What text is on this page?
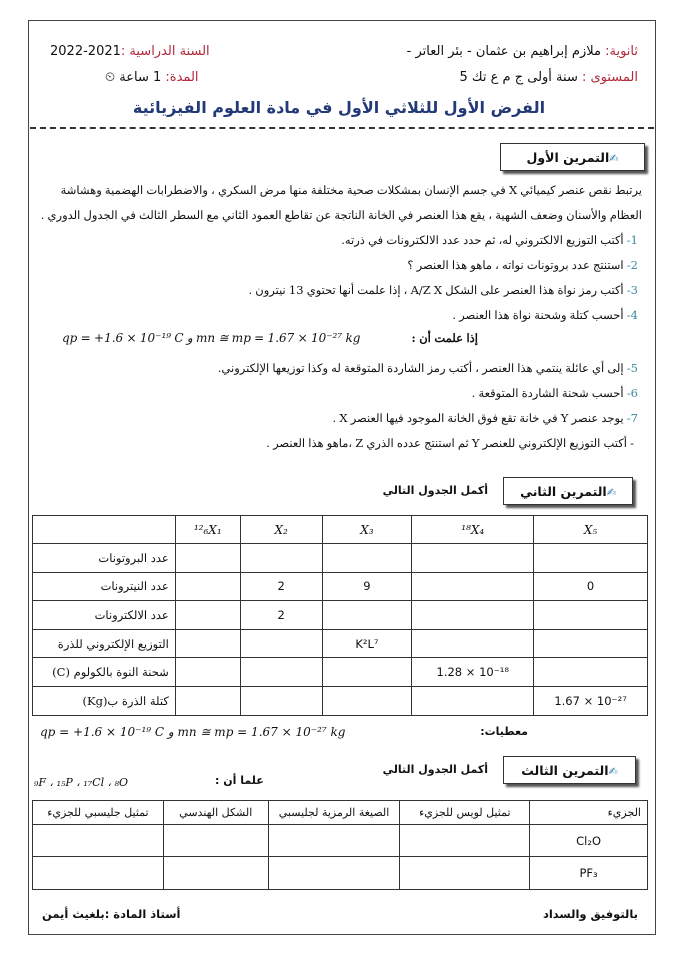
ثانوية: ملازم إبراهيم بن عثمان - بئر العاتر -
السنة الدراسية :2021-2022
المستوى : سنة أولى ج م ع تك 5
المدة: 1 ساعة ⏲
الفرض الأول للثلاثي الأول في مادة العلوم الفيزيائية
✍التمرين الأول
يرتبط نقص عنصر كيميائي X في جسم الإنسان بمشكلات صحية مختلفة منها مرض السكري ، والاضطرابات الهضمية وهشاشة
العظام والأسنان وضعف الشهية ، يقع هذا العنصر في الخانة الناتجة عن تقاطع العمود الثاني مع السطر الثالث في الجدول الدوري .
1- أكتب التوزيع الالكتروني له، ثم حدد عدد الالكترونات في ذرته.
2- استنتج عدد بروتونات نواته ، ماهو هذا العنصر ؟
3- أكتب رمز نواة هذا العنصر على الشكل A/Z X ، إذا علمت أنها تحتوي 13 نيترون .
4- أحسب كتلة وشحنة نواة هذا العنصر .
إذا علمت أن :
qp = +1.6 × 10⁻¹⁹ C و mn ≅ mp = 1.67 × 10⁻²⁷ kg
5- إلى أي عائلة ينتمي هذا العنصر ، أكتب رمز الشاردة المتوقعة له وكذا توزيعها الإلكتروني.
6- أحسب شحنة الشاردة المتوقعة .
7- يوجد عنصر Y في خانة تقع فوق الخانة الموجود فيها العنصر X .
- أكتب التوزيع الإلكتروني للعنصر Y ثم استنتج عدده الذري Z ،ماهو هذا العنصر .
✍التمرين الثاني
أكمل الجدول التالي
	¹²₆X₁	X₂	X₃	¹⁸X₄	X₅
عدد البروتونات					
عدد النيترونات		2	9		0
عدد الالكترونات		2			
التوزيع الإلكتروني للذرة			K²L⁷		
شحنة النوة بالكولوم (C)				1.28 × 10⁻¹⁸	
كتلة الذرة ب(Kg)					1.67 × 10⁻²⁷
معطيات:
qp = +1.6 × 10⁻¹⁹ C و mn ≅ mp = 1.67 × 10⁻²⁷ kg
✍التمرين الثالث
أكمل الجدول التالي
علما أن :
₉F ، ₁₅P ، ₁₇Cl ، ₈O
الجزيء	تمثيل لويس للجزيء	الصيغة الرمزية لجليسبي	الشكل الهندسي	تمثيل جليسبي للجزيء
Cl₂O				
PF₃				
بالتوفيق والسداد
أستاذ المادة :بلغيث أيمن
